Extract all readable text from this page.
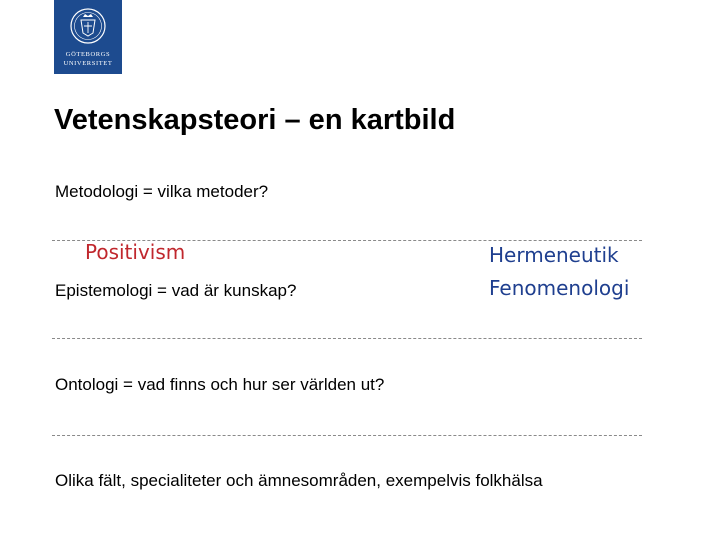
GÖTEBORGS
UNIVERSITET
Vetenskapsteori – en kartbild
Metodologi = vilka metoder?
Positivism	Hermeneutik
Fenomenologi
Epistemologi = vad är kunskap?
Ontologi = vad finns och hur ser världen ut?
Olika fält, specialiteter och ämnesområden, exempelvis folkhälsa
